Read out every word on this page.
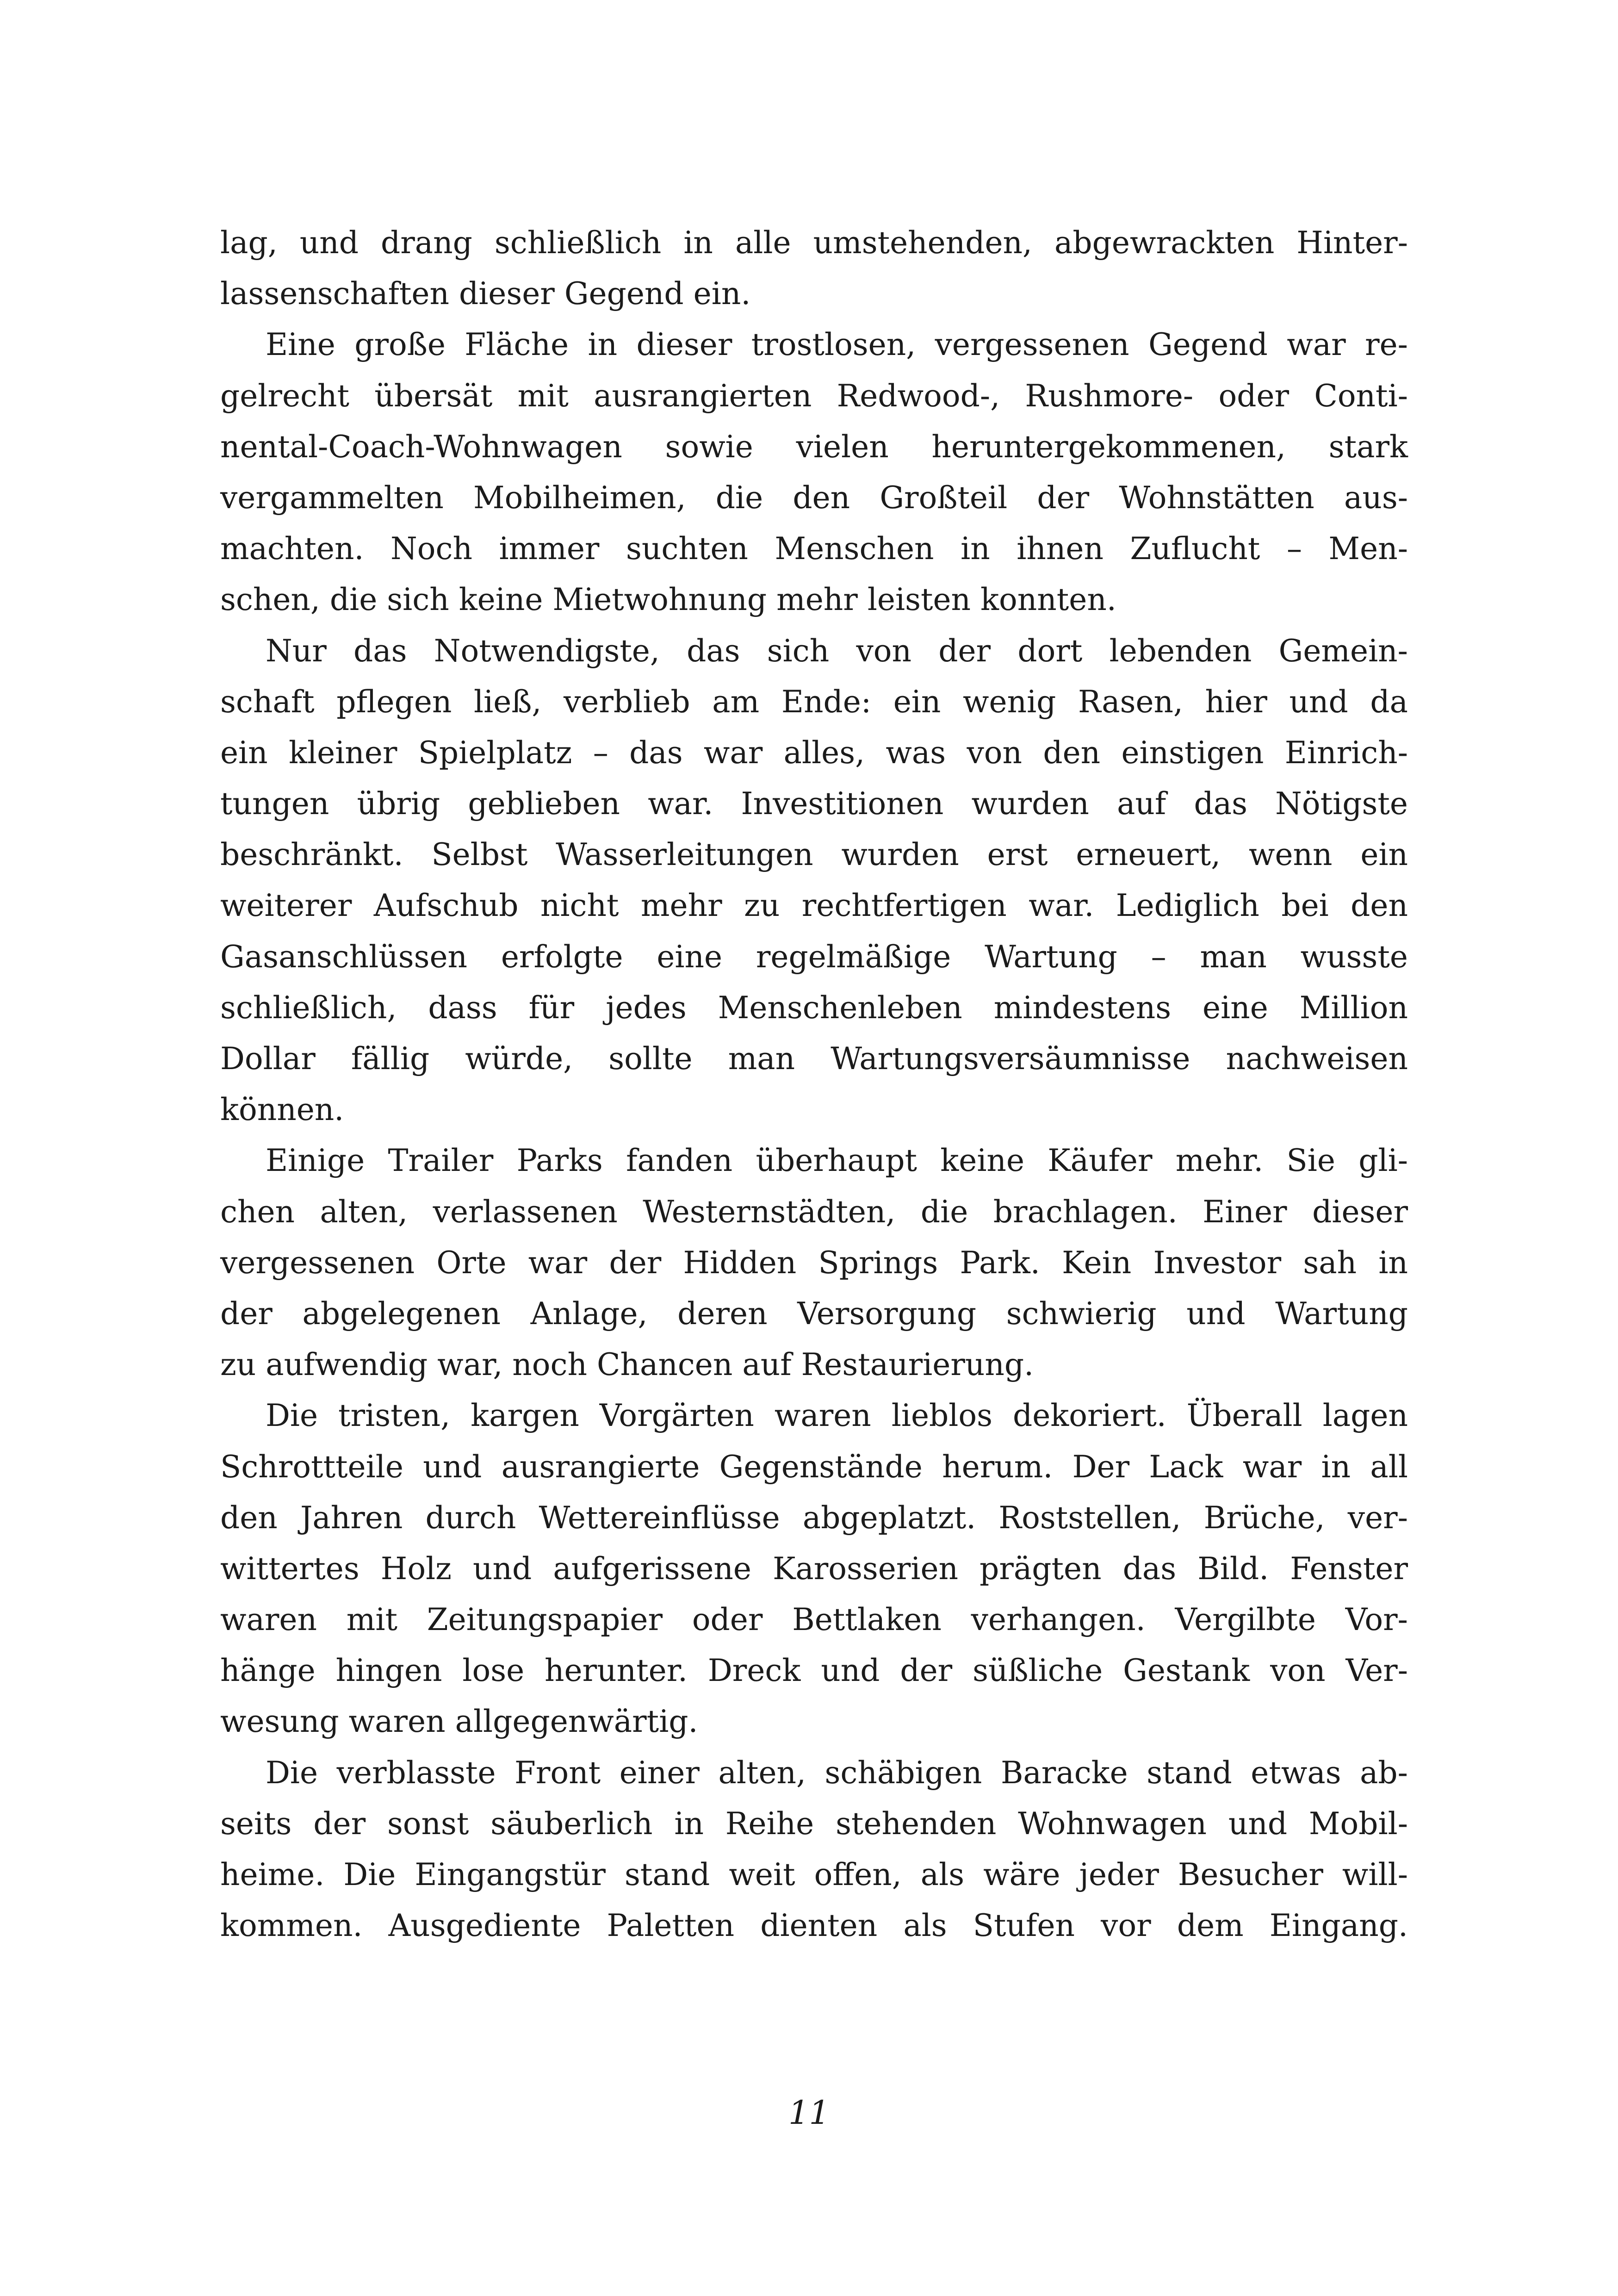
lag, und drang schließlich in alle umstehenden, abgewrackten Hinter-
lassenschaften dieser Gegend ein.
Eine große Fläche in dieser trostlosen, vergessenen Gegend war re-
gelrecht übersät mit ausrangierten Redwood-, Rushmore- oder Conti-
nental-Coach-Wohnwagen sowie vielen heruntergekommenen, stark
vergammelten Mobilheimen, die den Großteil der Wohnstätten aus-
machten. Noch immer suchten Menschen in ihnen Zuflucht – Men-
schen, die sich keine Mietwohnung mehr leisten konnten.
Nur das Notwendigste, das sich von der dort lebenden Gemein-
schaft pflegen ließ, verblieb am Ende: ein wenig Rasen, hier und da
ein kleiner Spielplatz – das war alles, was von den einstigen Einrich-
tungen übrig geblieben war. Investitionen wurden auf das Nötigste
beschränkt. Selbst Wasserleitungen wurden erst erneuert, wenn ein
weiterer Aufschub nicht mehr zu rechtfertigen war. Lediglich bei den
Gasanschlüssen erfolgte eine regelmäßige Wartung – man wusste
schließlich, dass für jedes Menschenleben mindestens eine Million
Dollar fällig würde, sollte man Wartungsversäumnisse nachweisen
können.
Einige Trailer Parks fanden überhaupt keine Käufer mehr. Sie gli-
chen alten, verlassenen Westernstädten, die brachlagen. Einer dieser
vergessenen Orte war der Hidden Springs Park. Kein Investor sah in
der abgelegenen Anlage, deren Versorgung schwierig und Wartung
zu aufwendig war, noch Chancen auf Restaurierung.
Die tristen, kargen Vorgärten waren lieblos dekoriert. Überall lagen
Schrottteile und ausrangierte Gegenstände herum. Der Lack war in all
den Jahren durch Wettereinflüsse abgeplatzt. Roststellen, Brüche, ver-
wittertes Holz und aufgerissene Karosserien prägten das Bild. Fenster
waren mit Zeitungspapier oder Bettlaken verhangen. Vergilbte Vor-
hänge hingen lose herunter. Dreck und der süßliche Gestank von Ver-
wesung waren allgegenwärtig.
Die verblasste Front einer alten, schäbigen Baracke stand etwas ab-
seits der sonst säuberlich in Reihe stehenden Wohnwagen und Mobil-
heime. Die Eingangstür stand weit offen, als wäre jeder Besucher will-
kommen. Ausgediente Paletten dienten als Stufen vor dem Eingang.
11
